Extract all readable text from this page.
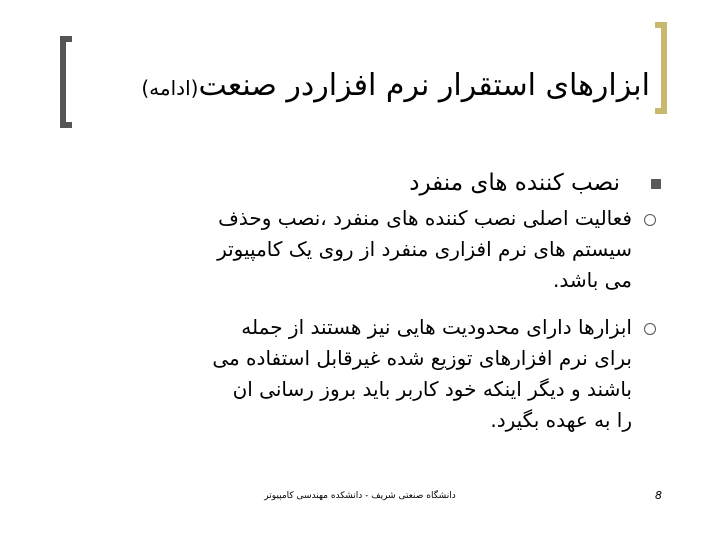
ابزارهای استقرار نرم افزاردر صنعت(ادامه)
نصب کننده های منفرد
فعالیت اصلی نصب کننده های منفرد ،نصب وحذف
سیستم های نرم افزاری منفرد از روی یک کامپیوتر
می باشد.
ابزارها دارای محدودیت هایی نیز هستند از جمله
برای نرم افزارهای توزیع شده غیرقابل استفاده می
باشند و دیگر اینکه خود کاربر باید بروز رسانی ان
را به عهده بگیرد.
دانشگاه صنعتی شریف - دانشکده مهندسی کامپیوتر	8
